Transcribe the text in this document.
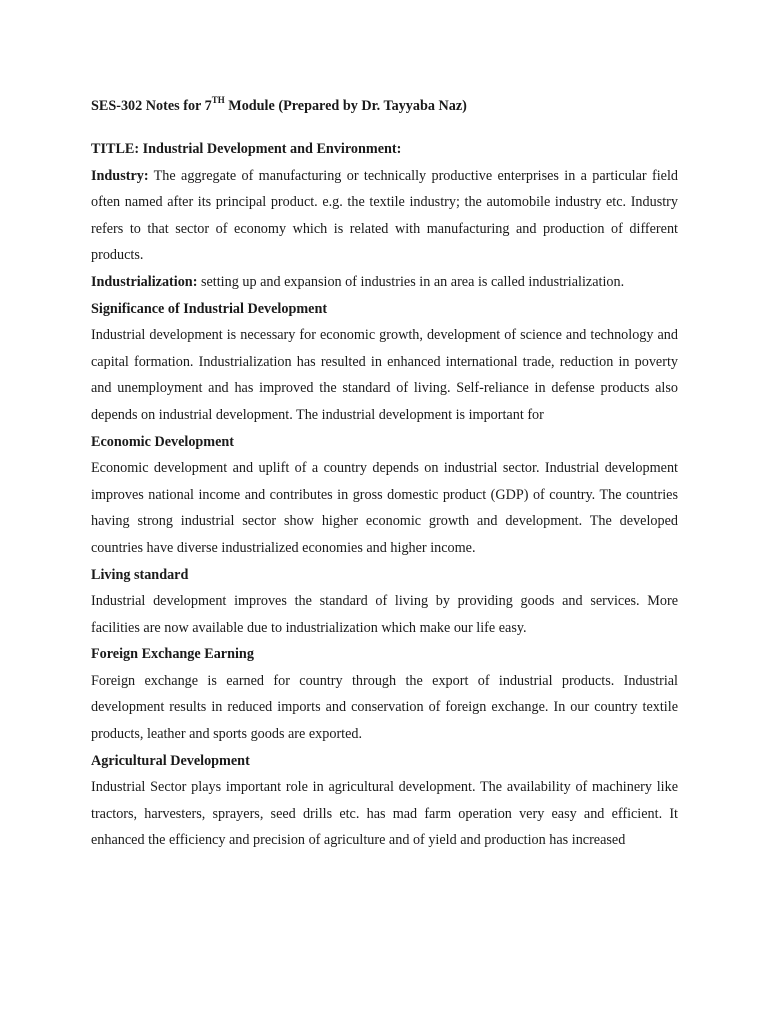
SES-302 Notes for 7TH Module (Prepared by Dr. Tayyaba Naz)
TITLE: Industrial Development and Environment:

Industry: The aggregate of manufacturing or technically productive enterprises in a particular field often named after its principal product. e.g. the textile industry; the automobile industry etc. Industry refers to that sector of economy which is related with manufacturing and production of different products.

Industrialization: setting up and expansion of industries in an area is called industrialization.

Significance of Industrial Development

Industrial development is necessary for economic growth, development of science and technology and capital formation. Industrialization has resulted in enhanced international trade, reduction in poverty and unemployment and has improved the standard of living. Self-reliance in defense products also depends on industrial development. The industrial development is important for

Economic Development

Economic development and uplift of a country depends on industrial sector. Industrial development improves national income and contributes in gross domestic product (GDP) of country. The countries having strong industrial sector show higher economic growth and development. The developed countries have diverse industrialized economies and higher income.

Living standard

Industrial development improves the standard of living by providing goods and services. More facilities are now available due to industrialization which make our life easy.

Foreign Exchange Earning

Foreign exchange is earned for country through the export of industrial products. Industrial development results in reduced imports and conservation of foreign exchange. In our country textile products, leather and sports goods are exported.

Agricultural Development

Industrial Sector plays important role in agricultural development. The availability of machinery like tractors, harvesters, sprayers, seed drills etc. has mad farm operation very easy and efficient. It enhanced the efficiency and precision of agriculture and of yield and production has increased
